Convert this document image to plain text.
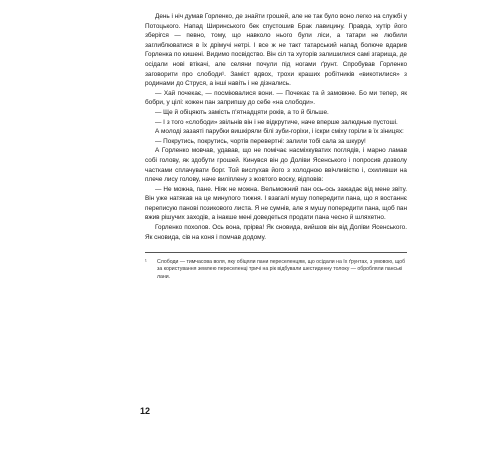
День і ніч думав Горленко, де знайти грошей, але не так було воно легко на службі у Потоцького. Напад Шиpинського бек спустошив Брак лавицину. Правда, хутір його зберігся — певно, тому, що навколо нього були ліси, а татари не любили заглиблюватися в їх дрімучі нетрі. І все ж не такт татарський напад болюче вдарив Горленка по кишені. Видимо посвідство. Він сіл та хуторів залишилися самі згарища, де осідали нові втікачі, але селяни почули під ногами ґрунт. Спробував Горленко заговорити про слободи¹. Заміст вдвох, трохи краших робітників «викотилися» з родинами до Струся, а інші навіть і не дізнались.

— Хай почекає, — посміювалися вони. — Почекає та й замовкне. Бо ми тепер, як бобри, у цілі: кожен пан заприпшу до себе «на слободи».

— Ще й обіцяють замість п'ятнадцяти років, а то й більше.

— І з того «слободи» звільнів він і не відкрутиче, наче вперше залюдные пустоші.

А молоді зазаяті парубки вишкіряли білі зуби-горіхи, і іскри сміху горіли в їх зіницях:

— Покрутись, покрутись, чортів перевертні: залили тобі сала за шкуру!

А Горленко мовчав, удавав, що не помічає насміхкуватих поглядів, і марно ламав собі голову, як здобути грошей. Кинувся він до Доліви Ясенського і попросив дозволу частками сплачувати борг. Той вислухав його з холодною ввічливістю і, схиливши на плече лису голову, наче виліплену з жовтого воску, відповів:

— Не можна, пане. Ніяк не можна. Вельможний пан ось-ось зажадає від мене звіту. Він уже натякав на це минулого тижня. І взагалі мушу попередити пана, що я востаннє переписую панові позикового листа. Я не сумнів, але я мушу попередити пана, щоб пан вжив рішучих заходів, а інакше мені доведеться продати пана чесно й шляхетно.

Горленко похолов. Ось вона, прірва! Як сновида, вийшов він від Доліви Ясенського. Як сновида, сів на коня і помчав додому.

¹	Слободи — тимчасова воля, яку обіцяли пани переселенцям, що осідали на їх ґрунтах, з умовою, щоб за користування землею переселенці тричі на рік відбували шестиденну толоку — обробляли панські лани.
12
